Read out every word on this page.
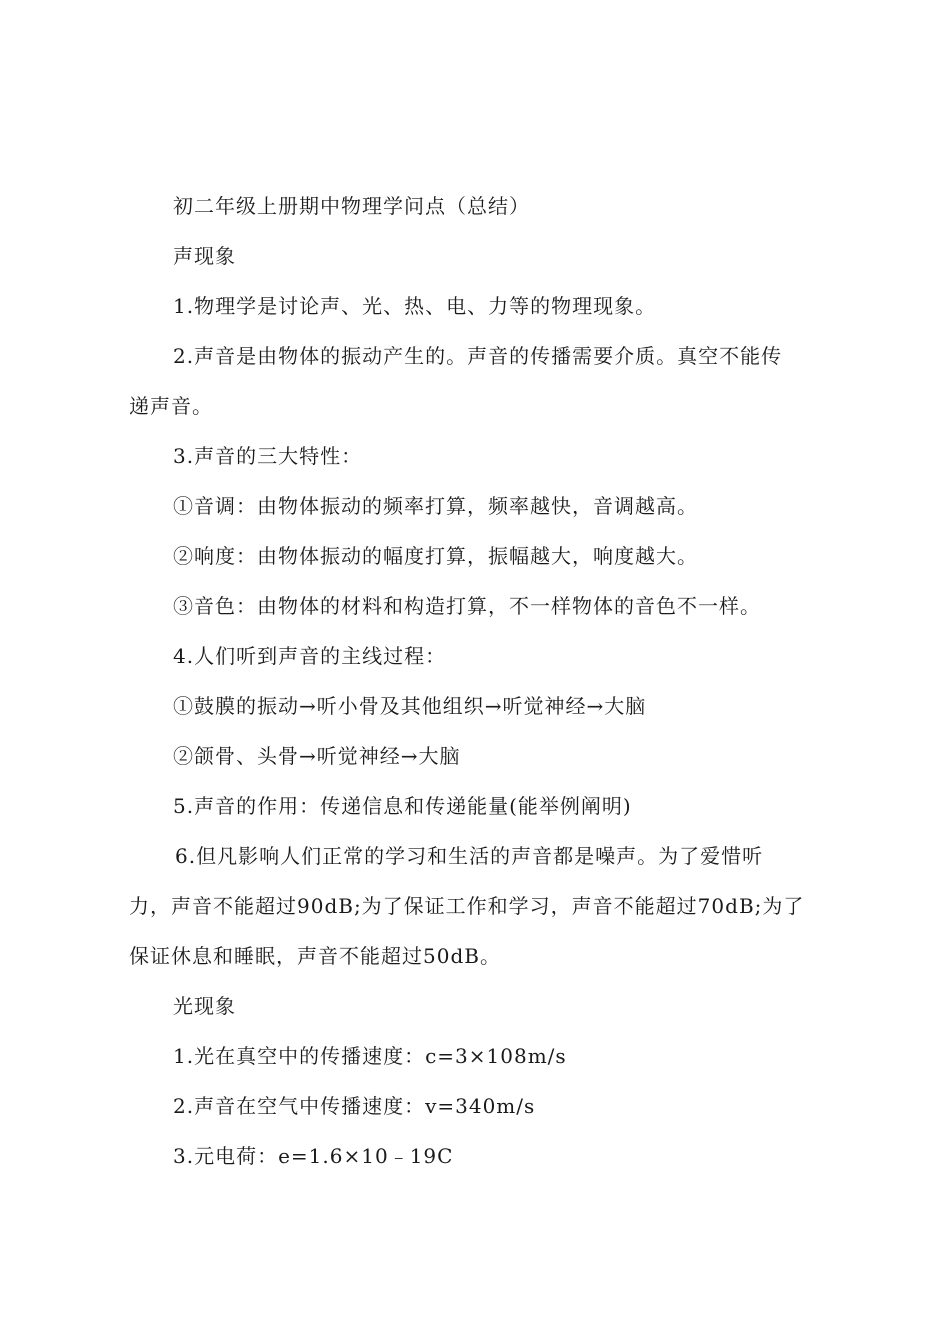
初二年级上册期中物理学问点（总结）
声现象
1.物理学是讨论声、光、热、电、力等的物理现象。
2.声音是由物体的振动产生的。声音的传播需要介质。真空不能传
递声音。
3.声音的三大特性：
①音调：由物体振动的频率打算，频率越快，音调越高。
②响度：由物体振动的幅度打算，振幅越大，响度越大。
③音色：由物体的材料和构造打算，不一样物体的音色不一样。
4.人们听到声音的主线过程：
①鼓膜的振动→听小骨及其他组织→听觉神经→大脑
②颌骨、头骨→听觉神经→大脑
5.声音的作用：传递信息和传递能量(能举例阐明)
6.但凡影响人们正常的学习和生活的声音都是噪声。为了爱惜听
力，声音不能超过90dB;为了保证工作和学习，声音不能超过70dB;为了
保证休息和睡眠，声音不能超过50dB。
光现象
1.光在真空中的传播速度：c=3×108m/s
2.声音在空气中传播速度：v=340m/s
3.元电荷：e=1.6×10﹣19C
